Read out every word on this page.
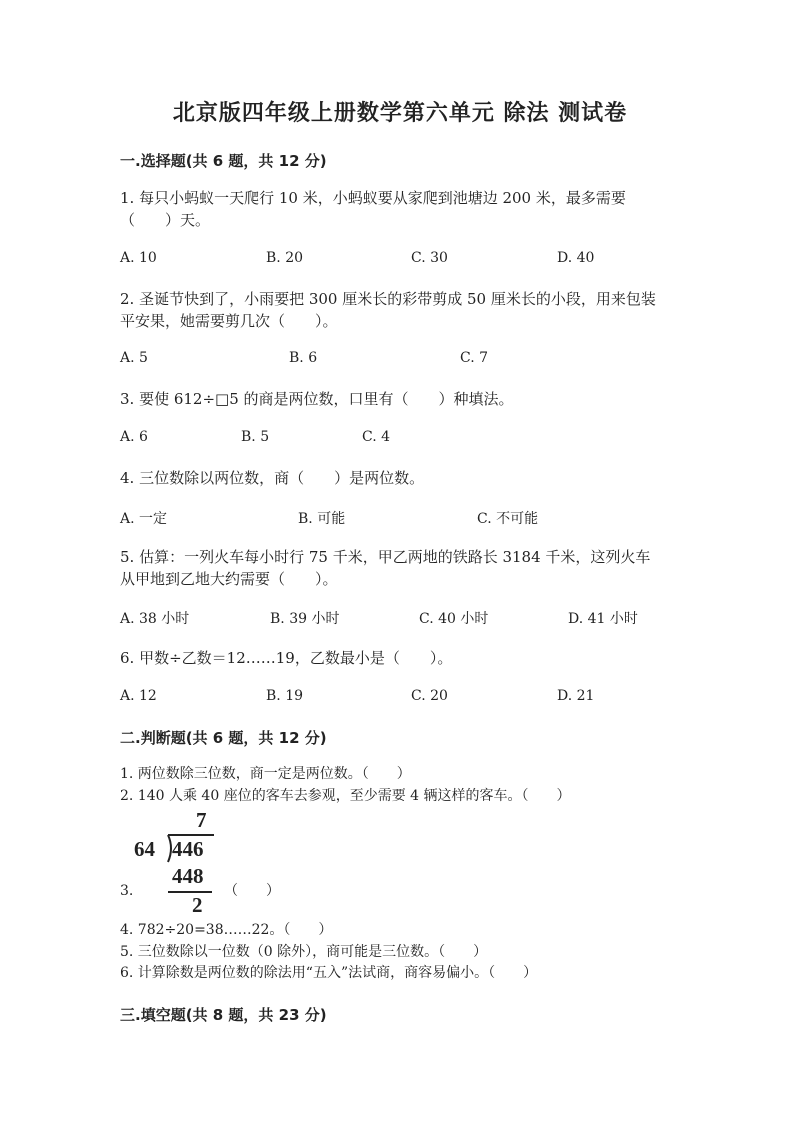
北京版四年级上册数学第六单元 除法 测试卷
一.选择题(共 6 题，共 12 分)
1. 每只小蚂蚁一天爬行 10 米，小蚂蚁要从家爬到池塘边 200 米，最多需要
（　　）天。
A. 10	B. 20	C. 30	D. 40
2. 圣诞节快到了，小雨要把 300 厘米长的彩带剪成 50 厘米长的小段，用来包装
平安果，她需要剪几次（　　）。
A. 5	B. 6	C. 7
3. 要使 612÷□5 的商是两位数，口里有（　　）种填法。
A. 6	B. 5	C. 4
4. 三位数除以两位数，商（　　）是两位数。
A. 一定	B. 可能	C. 不可能
5. 估算：一列火车每小时行 75 千米，甲乙两地的铁路长 3184 千米，这列火车
从甲地到乙地大约需要（　　）。
A. 38 小时	B. 39 小时	C. 40 小时	D. 41 小时
6. 甲数÷乙数＝12……19，乙数最小是（　　）。
A. 12	B. 19	C. 20	D. 21
二.判断题(共 6 题，共 12 分)
1. 两位数除三位数，商一定是两位数。（　　）
2. 140 人乘 40 座位的客车去参观，至少需要 4 辆这样的客车。（　　）
7
64 446
448
2
3.	（　　）
4. 782÷20=38……22。（　　）
5. 三位数除以一位数（0 除外），商可能是三位数。（　　）
6. 计算除数是两位数的除法用“五入”法试商，商容易偏小。（　　）
三.填空题(共 8 题，共 23 分)
